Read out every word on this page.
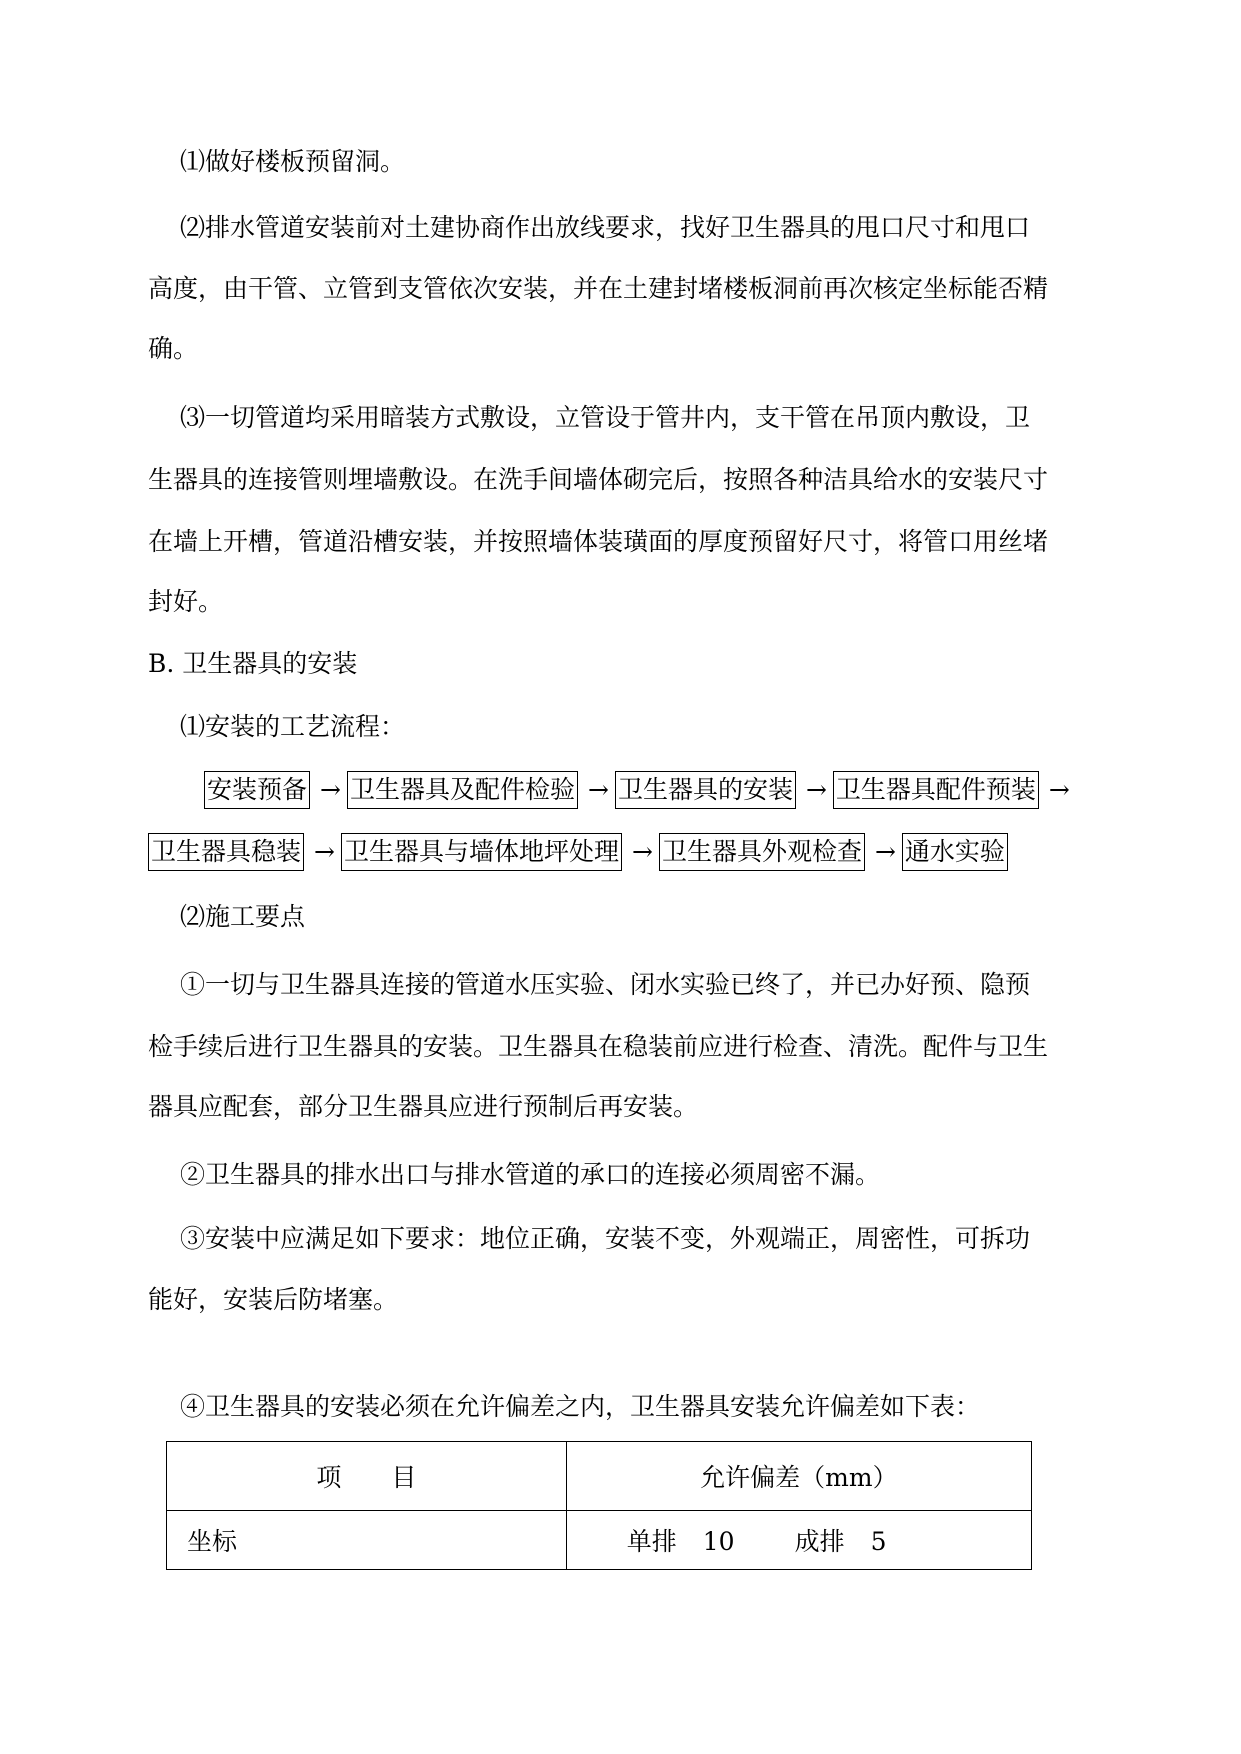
⑴做好楼板预留洞。
⑵排水管道安装前对土建协商作出放线要求，找好卫生器具的甩口尺寸和甩口
高度，由干管、立管到支管依次安装，并在土建封堵楼板洞前再次核定坐标能否精
确。
⑶一切管道均采用暗装方式敷设，立管设于管井内，支干管在吊顶内敷设，卫
生器具的连接管则埋墙敷设。在洗手间墙体砌完后，按照各种洁具给水的安装尺寸
在墙上开槽，管道沿槽安装，并按照墙体装璜面的厚度预留好尺寸，将管口用丝堵
封好。
B. 卫生器具的安装
⑴安装的工艺流程：
安装预备 → 卫生器具及配件检验 → 卫生器具的安装 → 卫生器具配件预装 →
卫生器具稳装 → 卫生器具与墙体地坪处理 → 卫生器具外观检查 → 通水实验
⑵施工要点
①一切与卫生器具连接的管道水压实验、闭水实验已终了，并已办好预、隐预
检手续后进行卫生器具的安装。卫生器具在稳装前应进行检查、清洗。配件与卫生
器具应配套，部分卫生器具应进行预制后再安装。
②卫生器具的排水出口与排水管道的承口的连接必须周密不漏。
③安装中应满足如下要求：地位正确，安装不变，外观端正，周密性，可拆功
能好，安装后防堵塞。
④卫生器具的安装必须在允许偏差之内，卫生器具安装允许偏差如下表：
项　　目	允许偏差（mm）
坐标	单排 10 成排 5
